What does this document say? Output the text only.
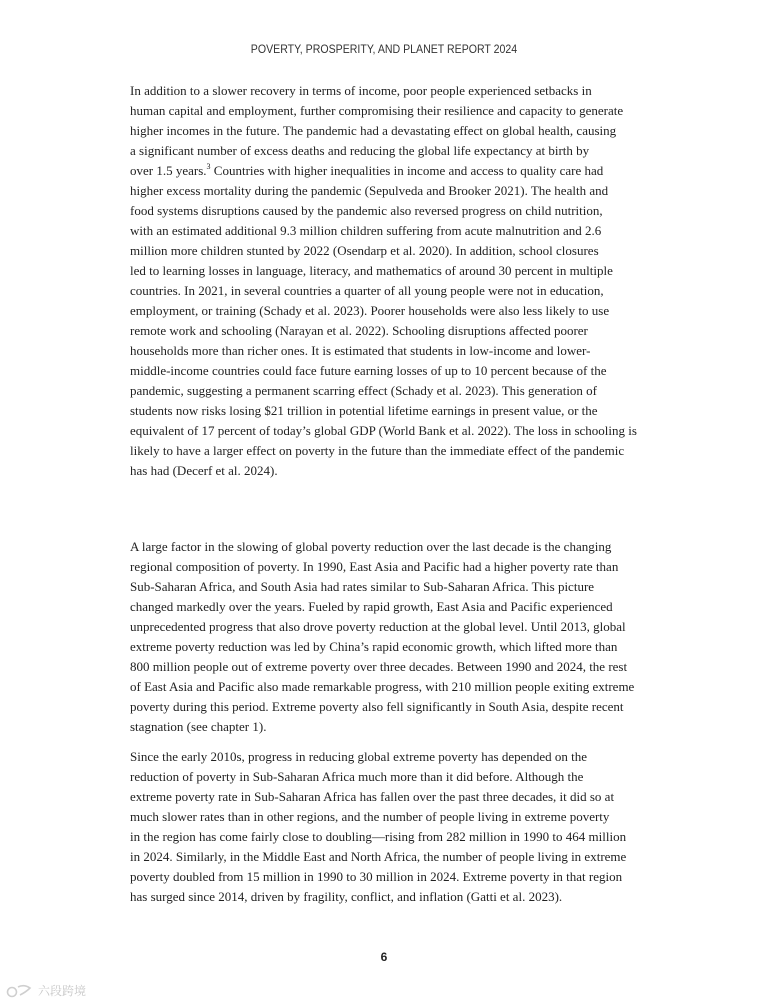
POVERTY, PROSPERITY, AND PLANET REPORT 2024

In addition to a slower recovery in terms of income, poor people experienced setbacks in
human capital and employment, further compromising their resilience and capacity to generate
higher incomes in the future. The pandemic had a devastating effect on global health, causing
a significant number of excess deaths and reducing the global life expectancy at birth by
over 1.5 years.$^3$ Countries with higher inequalities in income and access to quality care had
higher excess mortality during the pandemic (Sepulveda and Brooker 2021). The health and
food systems disruptions caused by the pandemic also reversed progress on child nutrition,
with an estimated additional 9.3 million children suffering from acute malnutrition and 2.6
million more children stunted by 2022 (Osendarp et al. 2020). In addition, school closures
led to learning losses in language, literacy, and mathematics of around 30 percent in multiple
countries. In 2021, in several countries a quarter of all young people were not in education,
employment, or training (Schady et al. 2023). Poorer households were also less likely to use
remote work and schooling (Narayan et al. 2022). Schooling disruptions affected poorer
households more than richer ones. It is estimated that students in low-income and lower-
middle-income countries could face future earning losses of up to 10 percent because of the
pandemic, suggesting a permanent scarring effect (Schady et al. 2023). This generation of
students now risks losing $21 trillion in potential lifetime earnings in present value, or the
equivalent of 17 percent of today’s global GDP (World Bank et al. 2022). The loss in schooling is
likely to have a larger effect on poverty in the future than the immediate effect of the pandemic
has had (Decerf et al. 2024).

A large factor in the slowing of global poverty reduction over the last decade is the changing
regional composition of poverty. In 1990, East Asia and Pacific had a higher poverty rate than
Sub-Saharan Africa, and South Asia had rates similar to Sub-Saharan Africa. This picture
changed markedly over the years. Fueled by rapid growth, East Asia and Pacific experienced
unprecedented progress that also drove poverty reduction at the global level. Until 2013, global
extreme poverty reduction was led by China’s rapid economic growth, which lifted more than
800 million people out of extreme poverty over three decades. Between 1990 and 2024, the rest
of East Asia and Pacific also made remarkable progress, with 210 million people exiting extreme
poverty during this period. Extreme poverty also fell significantly in South Asia, despite recent
stagnation (see chapter 1).

Since the early 2010s, progress in reducing global extreme poverty has depended on the
reduction of poverty in Sub-Saharan Africa much more than it did before. Although the
extreme poverty rate in Sub-Saharan Africa has fallen over the past three decades, it did so at
much slower rates than in other regions, and the number of people living in extreme poverty
in the region has come fairly close to doubling—rising from 282 million in 1990 to 464 million
in 2024. Similarly, in the Middle East and North Africa, the number of people living in extreme
poverty doubled from 15 million in 1990 to 30 million in 2024. Extreme poverty in that region
has surged since 2014, driven by fragility, conflict, and inflation (Gatti et al. 2023).

6
六段跨境
